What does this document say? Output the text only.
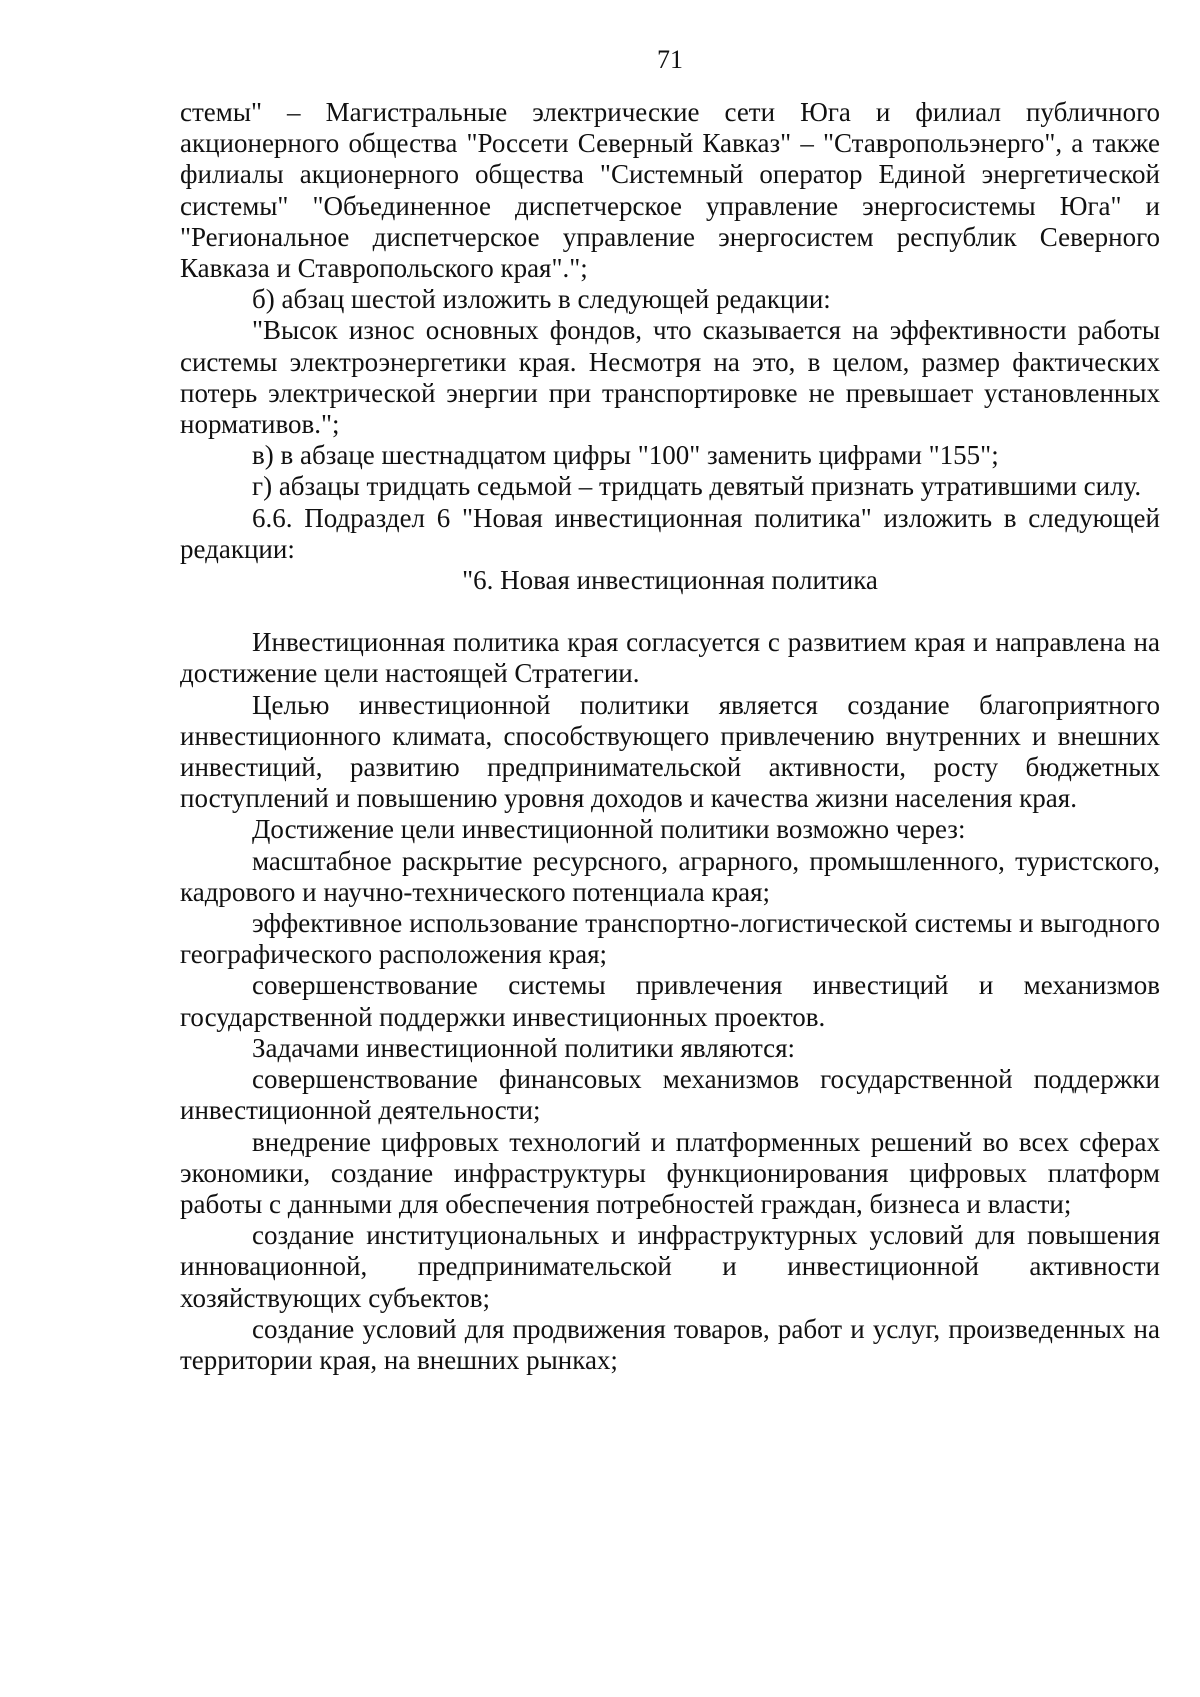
71

стемы" – Магистральные электрические сети Юга и филиал публичного акционерного общества "Россети Северный Кавказ" – "Ставропольэнерго", а также филиалы акционерного общества "Системный оператор Единой энергетической системы" "Объединенное диспетчерское управление энергосистемы Юга" и "Региональное диспетчерское управление энергосистем республик Северного Кавказа и Ставропольского края".";

б) абзац шестой изложить в следующей редакции:

"Высок износ основных фондов, что сказывается на эффективности работы системы электроэнергетики края. Несмотря на это, в целом, размер фактических потерь электрической энергии при транспортировке не превышает установленных нормативов.";

в) в абзаце шестнадцатом цифры "100" заменить цифрами "155";

г) абзацы тридцать седьмой – тридцать девятый признать утратившими силу.

6.6. Подраздел 6 "Новая инвестиционная политика" изложить в следующей редакции:

"6. Новая инвестиционная политика

Инвестиционная политика края согласуется с развитием края и направлена на достижение цели настоящей Стратегии.

Целью инвестиционной политики является создание благоприятного инвестиционного климата, способствующего привлечению внутренних и внешних инвестиций, развитию предпринимательской активности, росту бюджетных поступлений и повышению уровня доходов и качества жизни населения края.

Достижение цели инвестиционной политики возможно через:

масштабное раскрытие ресурсного, аграрного, промышленного, туристского, кадрового и научно-технического потенциала края;

эффективное использование транспортно-логистической системы и выгодного географического расположения края;

совершенствование системы привлечения инвестиций и механизмов государственной поддержки инвестиционных проектов.

Задачами инвестиционной политики являются:

совершенствование финансовых механизмов государственной поддержки инвестиционной деятельности;

внедрение цифровых технологий и платформенных решений во всех сферах экономики, создание инфраструктуры функционирования цифровых платформ работы с данными для обеспечения потребностей граждан, бизнеса и власти;

создание институциональных и инфраструктурных условий для повышения инновационной, предпринимательской и инвестиционной активности хозяйствующих субъектов;

создание условий для продвижения товаров, работ и услуг, произведенных на территории края, на внешних рынках;
